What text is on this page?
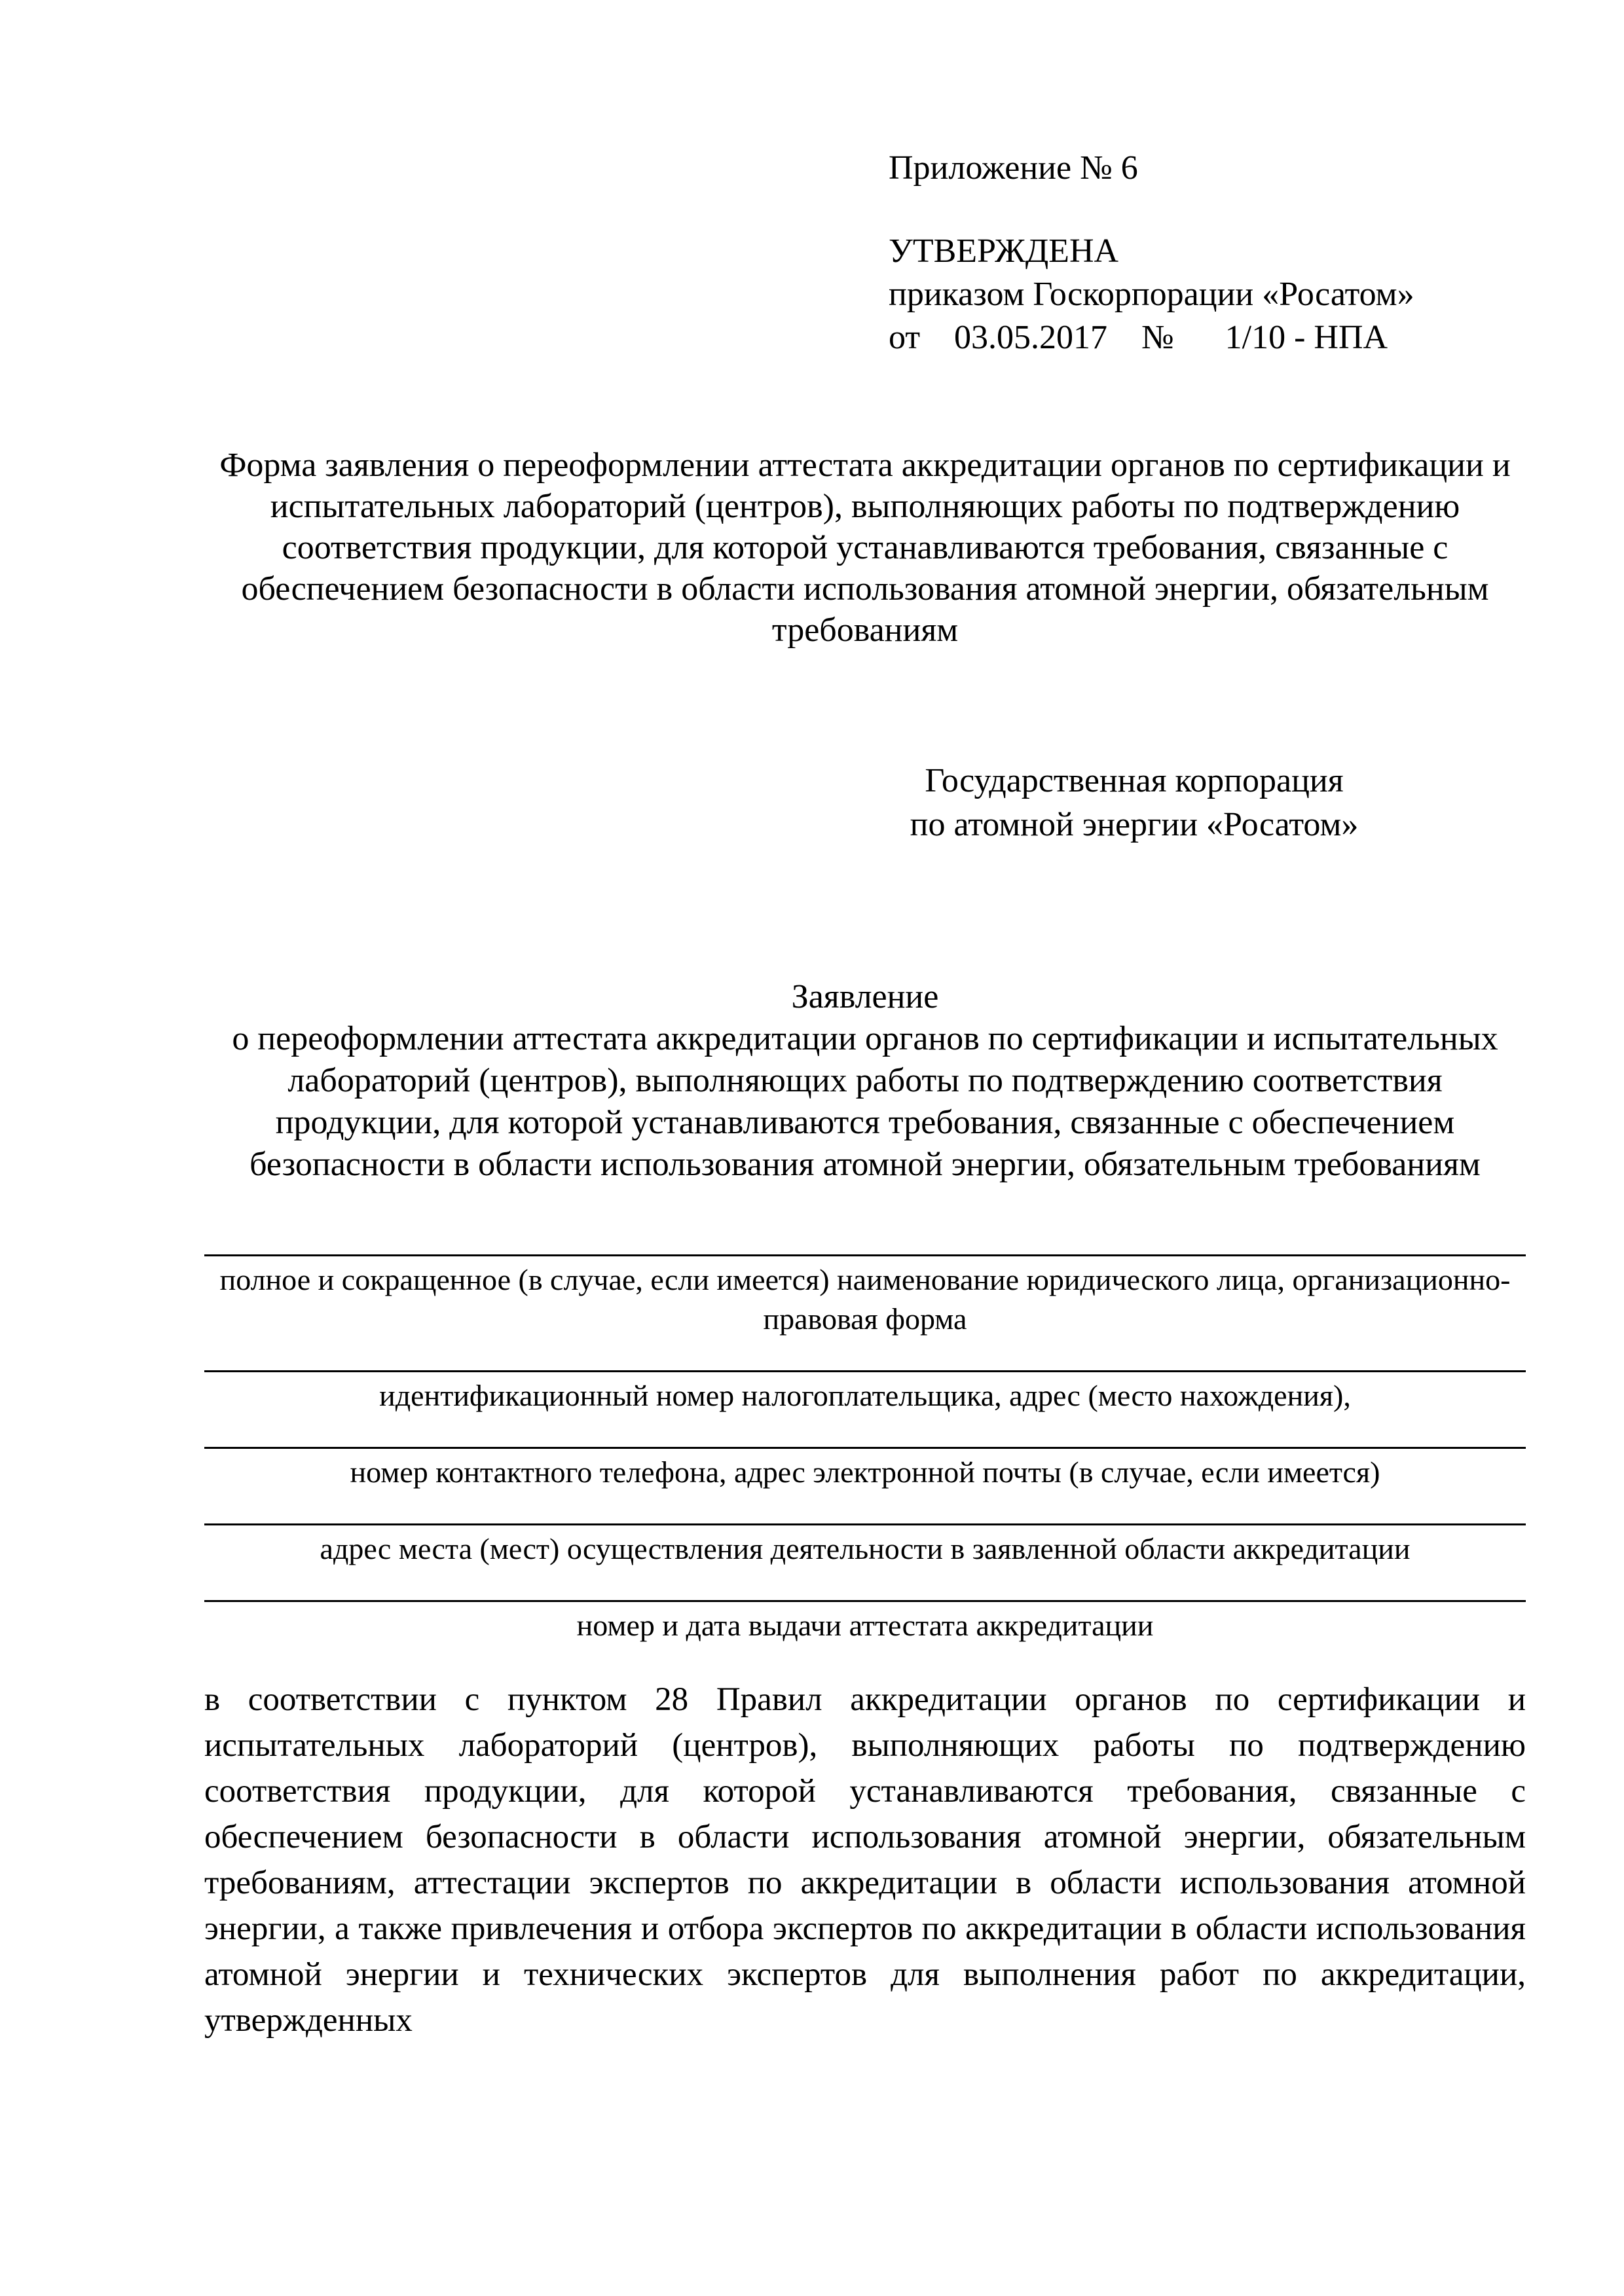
Приложение № 6
УТВЕРЖДЕНА
приказом Госкорпорации «Росатом»
от    03.05.2017    №      1/10 - НПА
Форма заявления о переоформлении аттестата аккредитации органов по сертификации и испытательных лабораторий (центров), выполняющих работы по подтверждению соответствия продукции, для которой устанавливаются требования, связанные с обеспечением безопасности в области использования атомной энергии, обязательным требованиям
Государственная корпорация
по атомной энергии «Росатом»
Заявление
о переоформлении аттестата аккредитации органов по сертификации и испытательных лабораторий (центров), выполняющих работы по подтверждению соответствия продукции, для которой устанавливаются требования, связанные с обеспечением безопасности в области использования атомной энергии, обязательным требованиям
полное и сокращенное (в случае, если имеется) наименование юридического лица, организационно-правовая форма
идентификационный номер налогоплательщика, адрес (место нахождения),
номер контактного телефона, адрес электронной почты (в случае, если имеется)
адрес места (мест) осуществления деятельности в заявленной области аккредитации
номер и дата выдачи аттестата аккредитации

в соответствии с пунктом 28 Правил аккредитации органов по сертификации и испытательных лабораторий (центров), выполняющих работы по подтверждению соответствия продукции, для которой устанавливаются требования, связанные с обеспечением безопасности в области использования атомной энергии, обязательным требованиям, аттестации экспертов по аккредитации в области использования атомной энергии, а также привлечения и отбора экспертов по аккредитации в области использования атомной энергии и технических экспертов для выполнения работ по аккредитации, утвержденных
